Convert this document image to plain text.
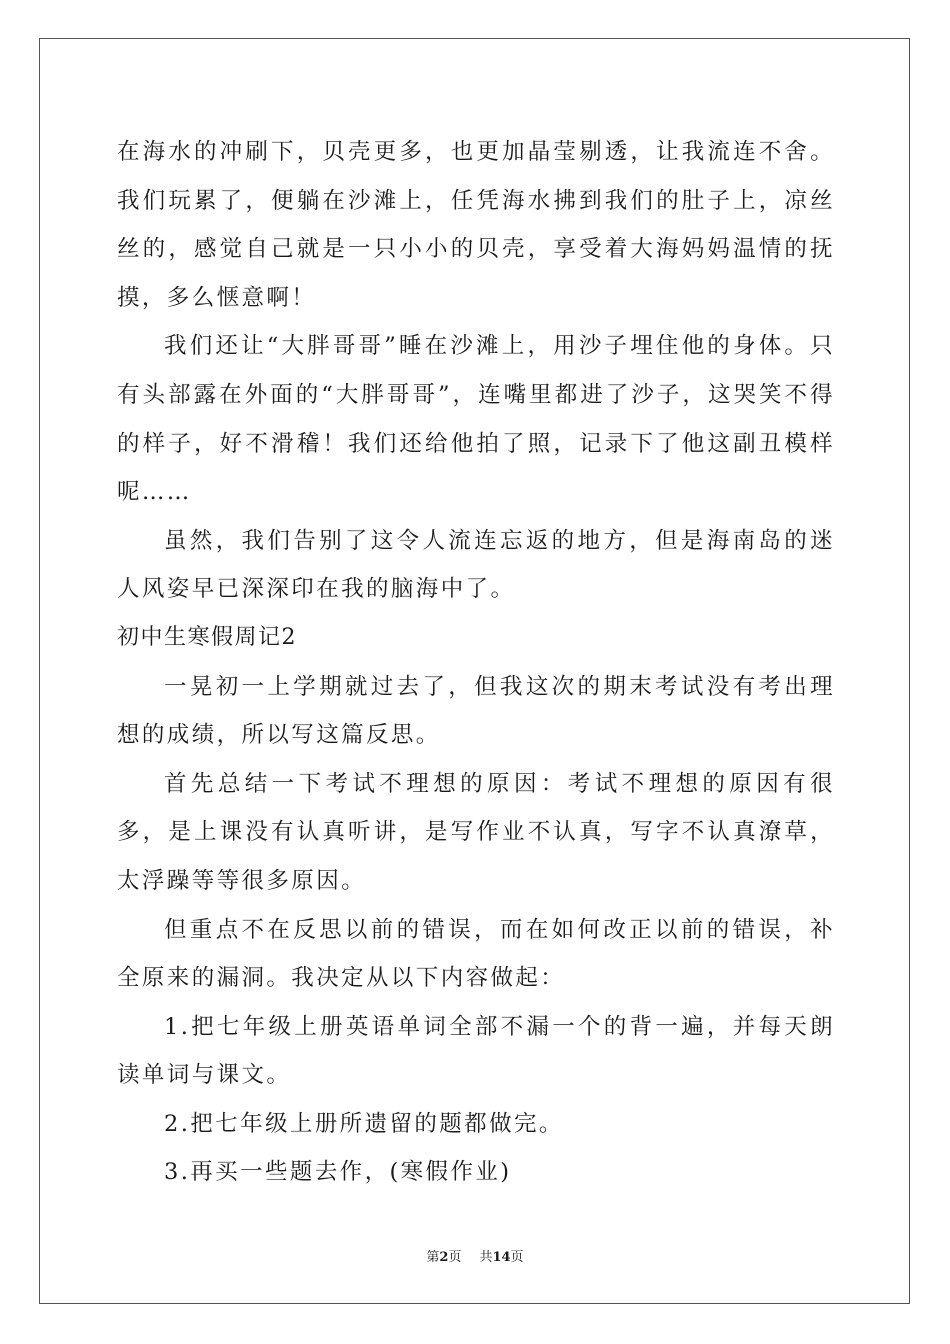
在海水的冲刷下，贝壳更多，也更加晶莹剔透，让我流连不舍。我们玩累了，便躺在沙滩上，任凭海水拂到我们的肚子上，凉丝丝的，感觉自己就是一只小小的贝壳，享受着大海妈妈温情的抚摸，多么惬意啊！

我们还让“大胖哥哥”睡在沙滩上，用沙子埋住他的身体。只有头部露在外面的“大胖哥哥”，连嘴里都进了沙子，这哭笑不得的样子，好不滑稽！我们还给他拍了照，记录下了他这副丑模样呢……

虽然，我们告别了这令人流连忘返的地方，但是海南岛的迷人风姿早已深深印在我的脑海中了。

初中生寒假周记2

一晃初一上学期就过去了，但我这次的期末考试没有考出理想的成绩，所以写这篇反思。

首先总结一下考试不理想的原因：考试不理想的原因有很多，是上课没有认真听讲，是写作业不认真，写字不认真潦草，太浮躁等等很多原因。

但重点不在反思以前的错误，而在如何改正以前的错误，补全原来的漏洞。我决定从以下内容做起：

1.把七年级上册英语单词全部不漏一个的背一遍，并每天朗读单词与课文。

2.把七年级上册所遗留的题都做完。

3.再买一些题去作，(寒假作业)

第2页 共14页
